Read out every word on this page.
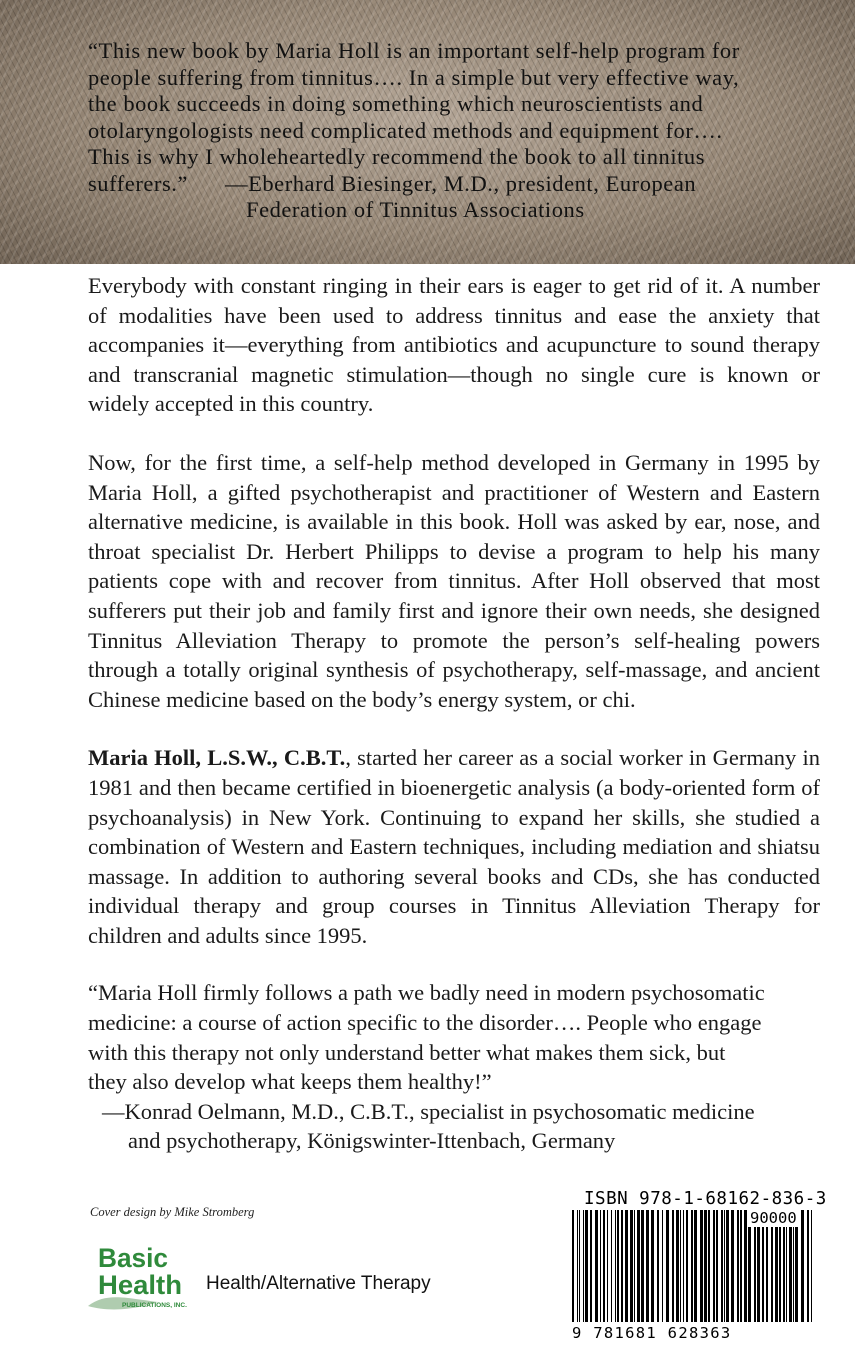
“This new book by Maria Holl is an important self-help program for
people suffering from tinnitus…. In a simple but very effective way,
the book succeeds in doing something which neuroscientists and
otolaryngologists need complicated methods and equipment for….
This is why I wholeheartedly recommend the book to all tinnitus
sufferers.” —Eberhard Biesinger, M.D., president, European
Federation of Tinnitus Associations

Everybody with constant ringing in their ears is eager to get rid of it. A number of modalities have been used to address tinnitus and ease the anxiety that accompanies it—everything from antibiotics and acupuncture to sound therapy and transcranial magnetic stimulation—though no single cure is known or widely accepted in this country.

Now, for the first time, a self-help method developed in Germany in 1995 by Maria Holl, a gifted psychotherapist and practitioner of Western and Eastern alternative medicine, is available in this book. Holl was asked by ear, nose, and throat specialist Dr. Herbert Philipps to devise a program to help his many patients cope with and recover from tinnitus. After Holl observed that most sufferers put their job and family first and ignore their own needs, she designed Tinnitus Alleviation Therapy to promote the person’s self-healing powers through a totally original synthesis of psychotherapy, self-massage, and ancient Chinese medicine based on the body’s energy system, or chi.

Maria Holl, L.S.W., C.B.T., started her career as a social worker in Germany in 1981 and then became certified in bioenergetic analysis (a body-oriented form of psychoanalysis) in New York. Continuing to expand her skills, she studied a combination of Western and Eastern techniques, including mediation and shiatsu massage. In addition to authoring several books and CDs, she has conducted individual therapy and group courses in Tinnitus Alleviation Therapy for children and adults since 1995.

“Maria Holl firmly follows a path we badly need in modern psychosomatic
medicine: a course of action specific to the disorder…. People who engage
with this therapy not only understand better what makes them sick, but
they also develop what keeps them healthy!”
—Konrad Oelmann, M.D., C.B.T., specialist in psychosomatic medicine
and psychotherapy, Königswinter-Ittenbach, Germany
Cover design by Mike Stromberg
Basic
Health
PUBLICATIONS, INC.
Health/Alternative Therapy
ISBN 978-1-68162-836-3
90000
9 781681 628363
